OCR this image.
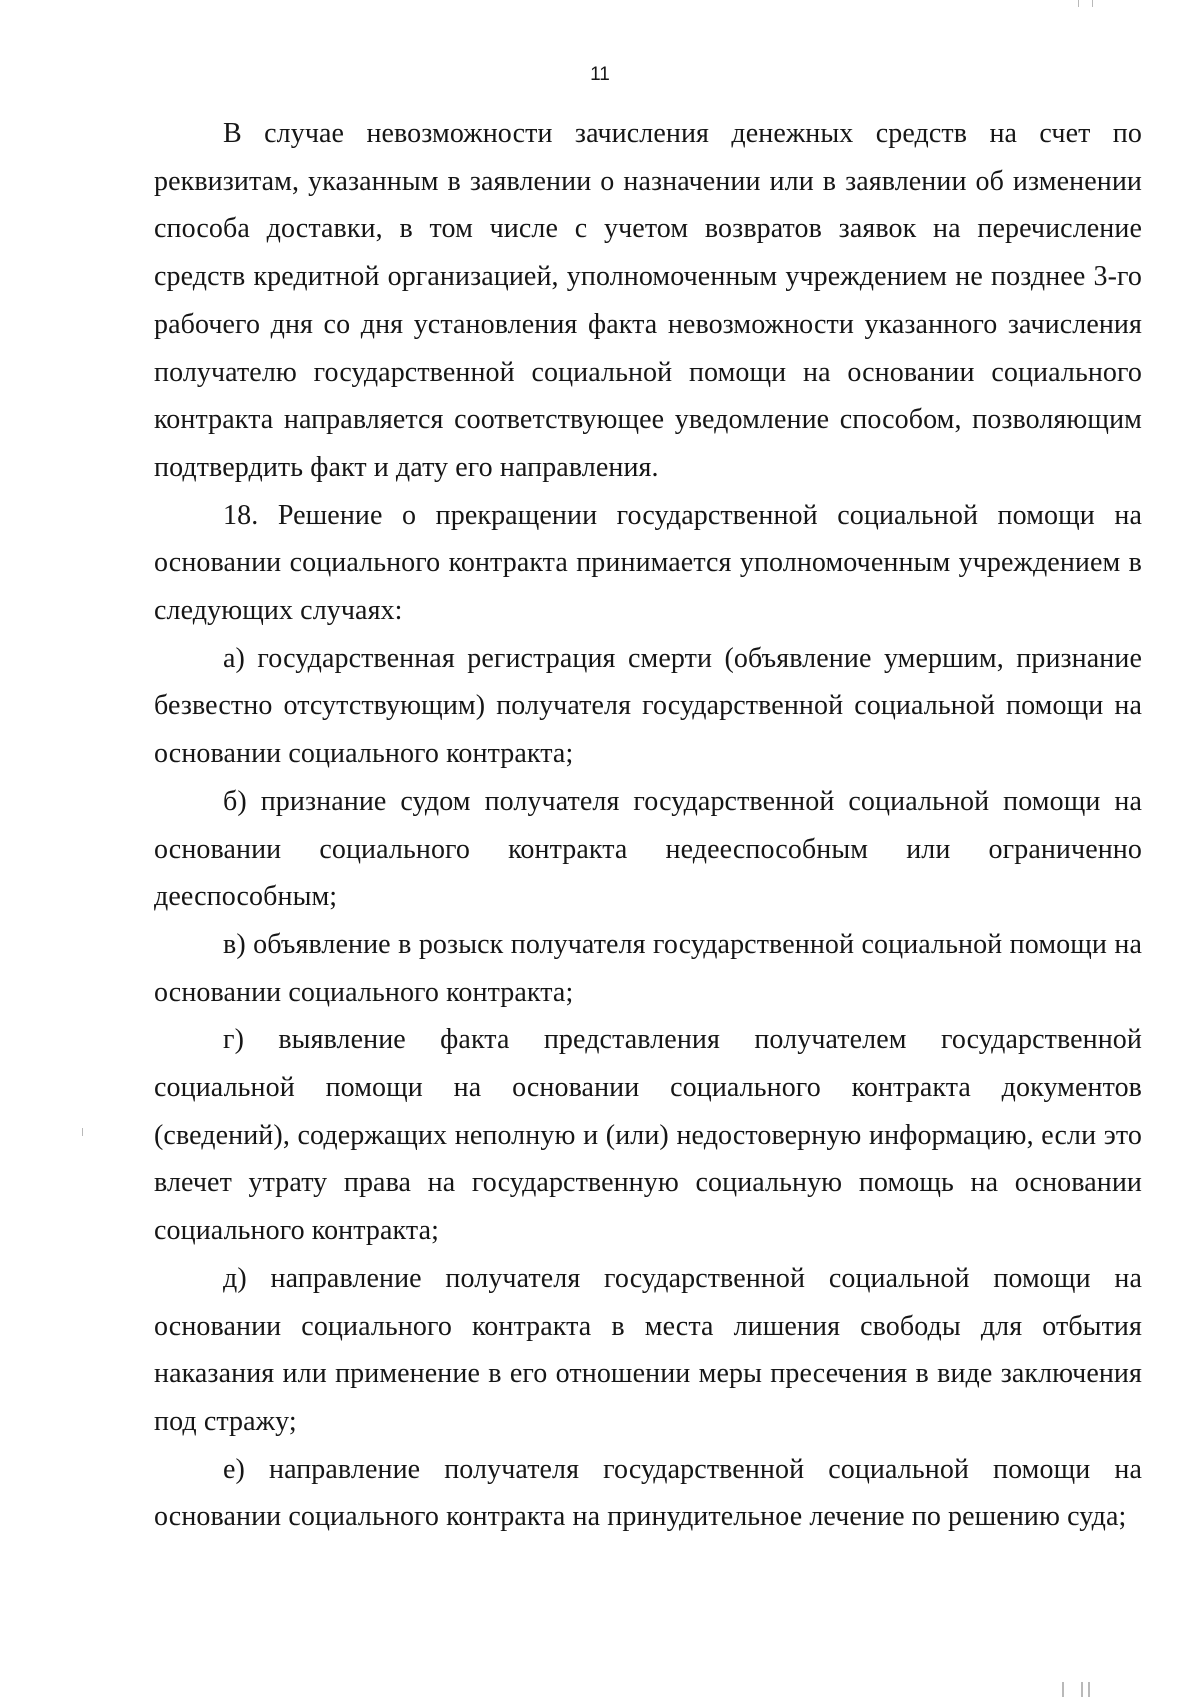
11

В случае невозможности зачисления денежных средств на счет по реквизитам, указанным в заявлении о назначении или в заявлении об изменении способа доставки, в том числе с учетом возвратов заявок на перечисление средств кредитной организацией, уполномоченным учреждением не позднее 3-го рабочего дня со дня установления факта невозможности указанного зачисления получателю государственной социальной помощи на основании социального контракта направляется соответствующее уведомление способом, позволяющим подтвердить факт и дату его направления.

18. Решение о прекращении государственной социальной помощи на основании социального контракта принимается уполномоченным учреждением в следующих случаях:

а) государственная регистрация смерти (объявление умершим, признание безвестно отсутствующим) получателя государственной социальной помощи на основании социального контракта;

б) признание судом получателя государственной социальной помощи на основании социального контракта недееспособным или ограниченно дееспособным;

в) объявление в розыск получателя государственной социальной помощи на основании социального контракта;

г) выявление факта представления получателем государственной социальной помощи на основании социального контракта документов (сведений), содержащих неполную и (или) недостоверную информацию, если это влечет утрату права на государственную социальную помощь на основании социального контракта;

д) направление получателя государственной социальной помощи на основании социального контракта в места лишения свободы для отбытия наказания или применение в его отношении меры пресечения в виде заключения под стражу;

е) направление получателя государственной социальной помощи на основании социального контракта на принудительное лечение по решению суда;
